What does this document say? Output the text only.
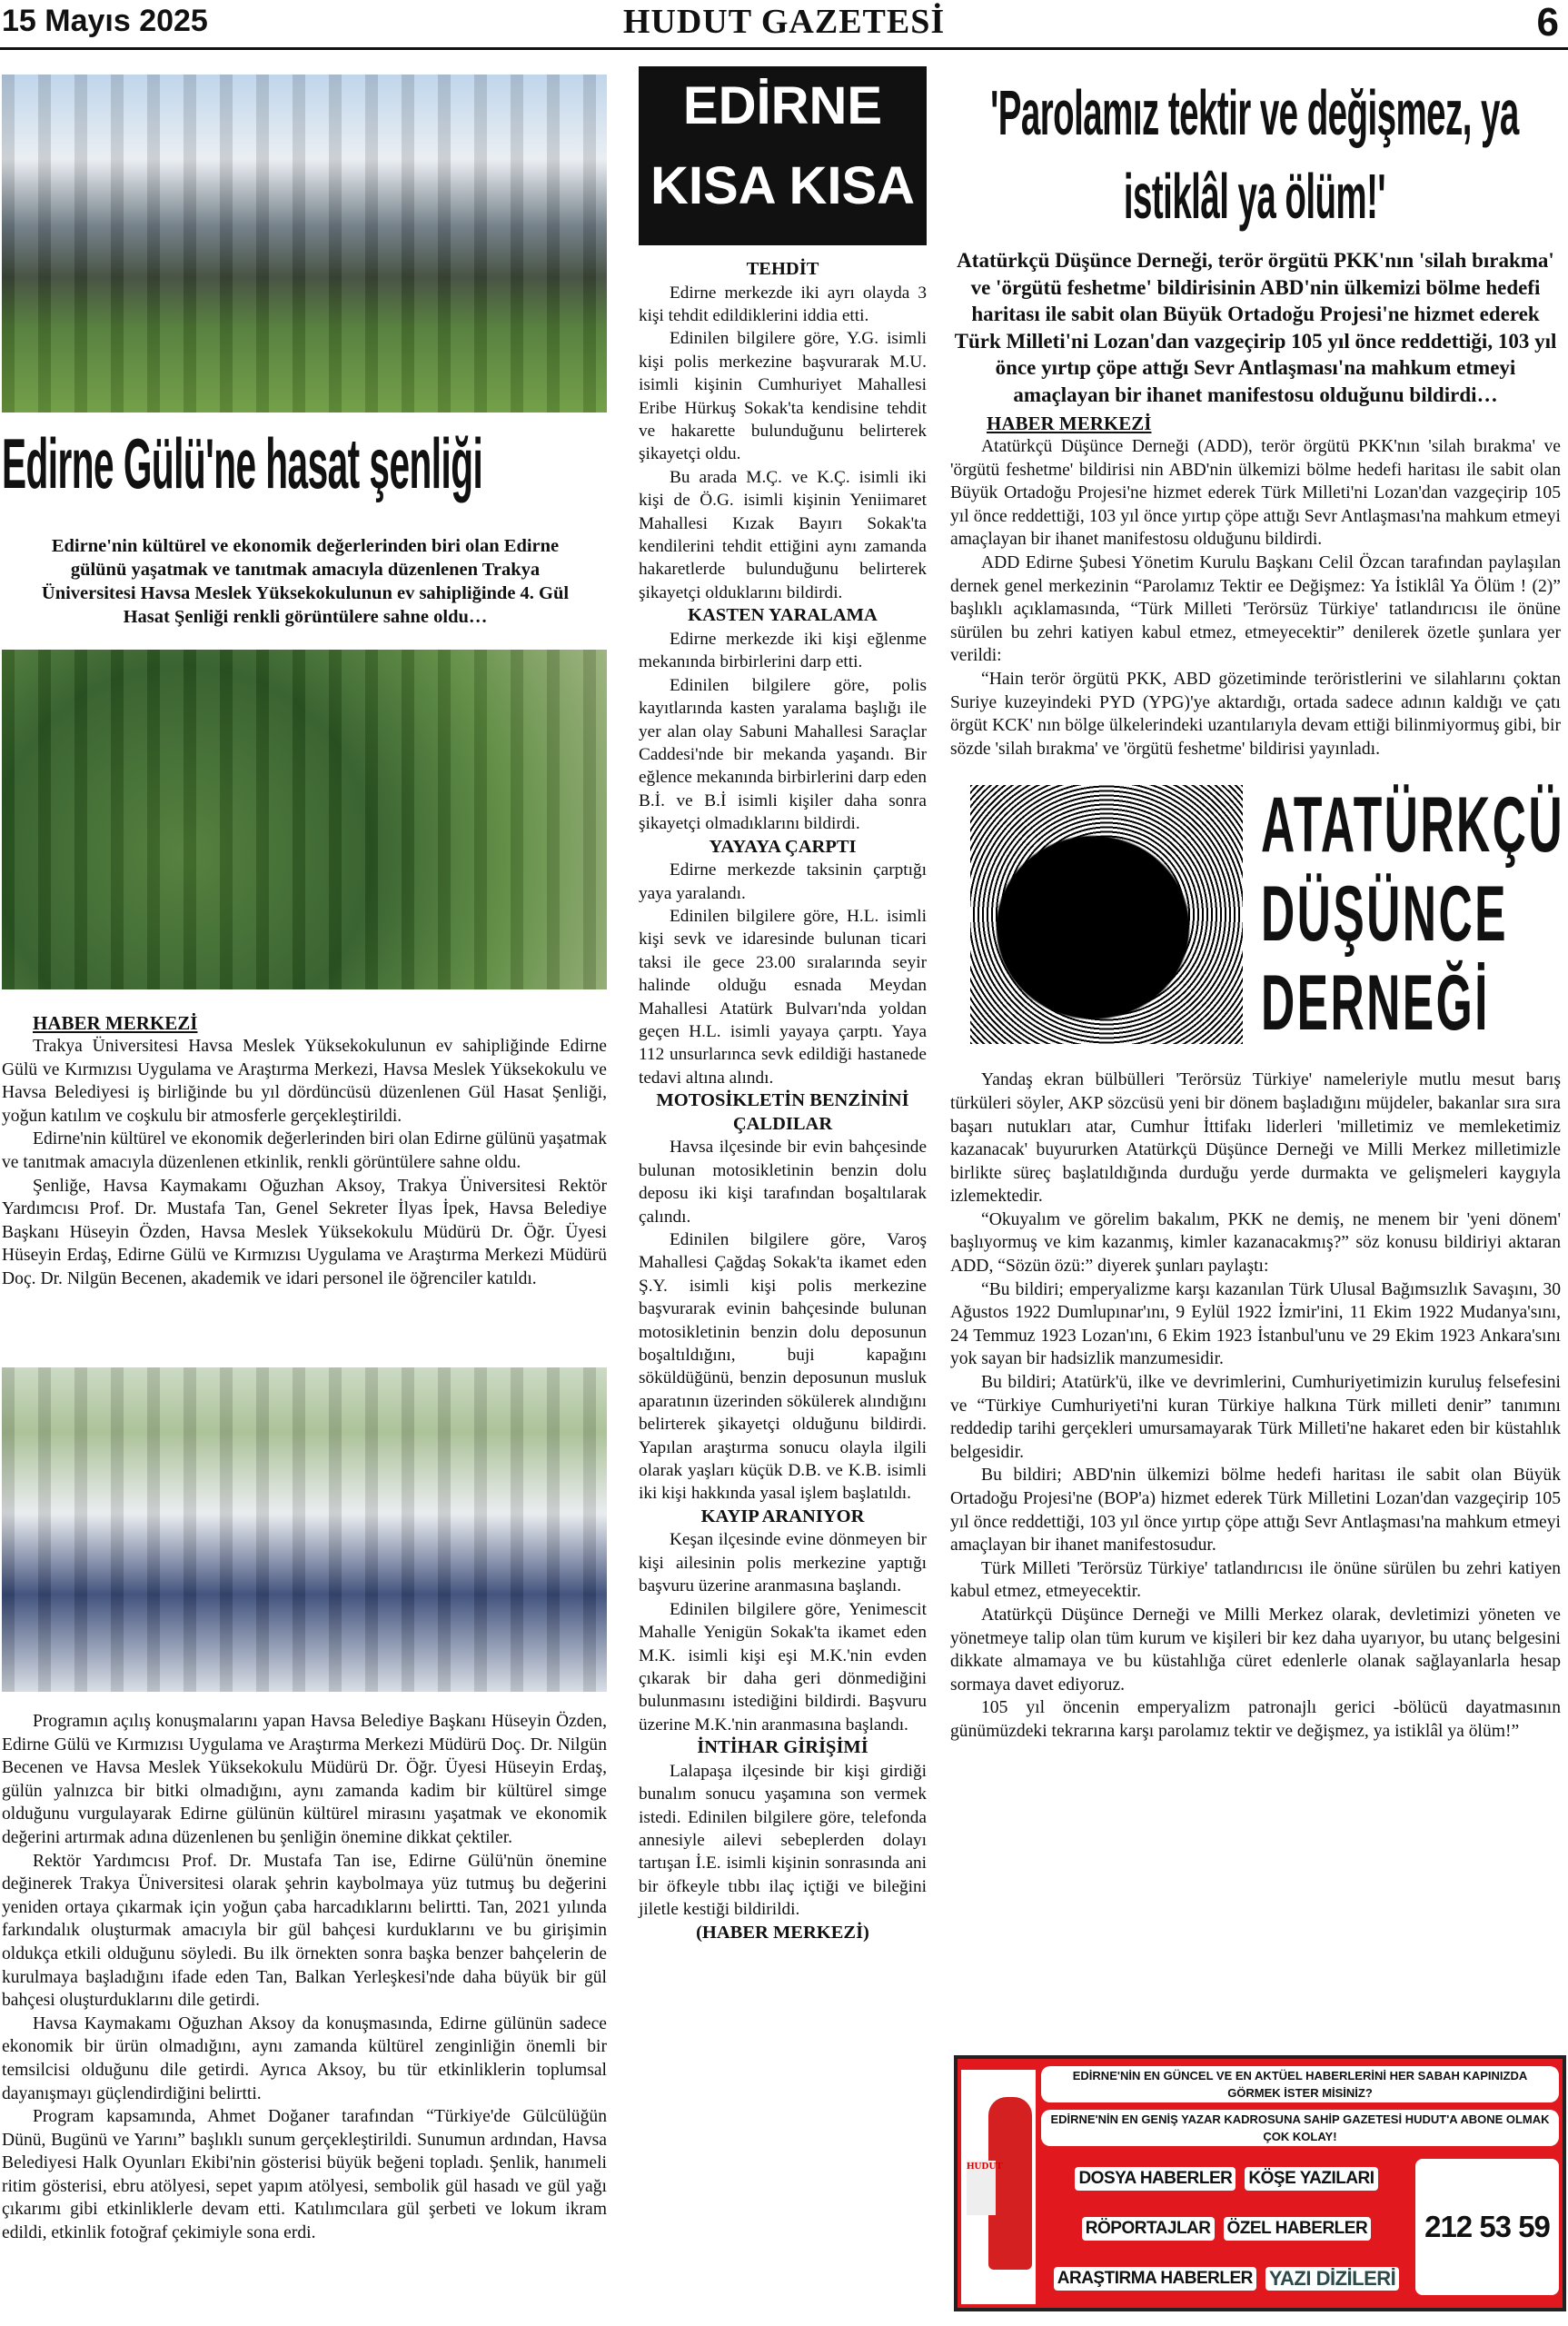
15 Mayıs 2025	HUDUT GAZETESİ	6
Edirne Gülü'ne hasat şenliği
Edirne'nin kültürel ve ekonomik değerlerinden biri olan Edirne gülünü yaşatmak ve tanıtmak amacıyla düzenlenen Trakya Üniversitesi Havsa Meslek Yüksekokulunun ev sahipliğinde 4. Gül Hasat Şenliği renkli görüntülere sahne oldu…
HABER MERKEZİ

Trakya Üniversitesi Havsa Meslek Yüksekokulunun ev sahipliğinde Edirne Gülü ve Kırmızısı Uygulama ve Araştırma Merkezi, Havsa Meslek Yüksekokulu ve Havsa Belediyesi iş birliğinde bu yıl dördüncüsü düzenlenen Gül Hasat Şenliği, yoğun katılım ve coşkulu bir atmosferle gerçekleştirildi.

Edirne'nin kültürel ve ekonomik değerlerinden biri olan Edirne gülünü yaşatmak ve tanıtmak amacıyla düzenlenen etkinlik, renkli görüntülere sahne oldu.

Şenliğe, Havsa Kaymakamı Oğuzhan Aksoy, Trakya Üniversitesi Rektör Yardımcısı Prof. Dr. Mustafa Tan, Genel Sekreter İlyas İpek, Havsa Belediye Başkanı Hüseyin Özden, Havsa Meslek Yüksekokulu Müdürü Dr. Öğr. Üyesi Hüseyin Erdaş, Edirne Gülü ve Kırmızısı Uygulama ve Araştırma Merkezi Müdürü Doç. Dr. Nilgün Becenen, akademik ve idari personel ile öğrenciler katıldı.

Programın açılış konuşmalarını yapan Havsa Belediye Başkanı Hüseyin Özden, Edirne Gülü ve Kırmızısı Uygulama ve Araştırma Merkezi Müdürü Doç. Dr. Nilgün Becenen ve Havsa Meslek Yüksekokulu Müdürü Dr. Öğr. Üyesi Hüseyin Erdaş, gülün yalnızca bir bitki olmadığını, aynı zamanda kadim bir kültürel simge olduğunu vurgulayarak Edirne gülünün kültürel mirasını yaşatmak ve ekonomik değerini artırmak adına düzenlenen bu şenliğin önemine dikkat çektiler.

Rektör Yardımcısı Prof. Dr. Mustafa Tan ise, Edirne Gülü'nün önemine değinerek Trakya Üniversitesi olarak şehrin kaybolmaya yüz tutmuş bu değerini yeniden ortaya çıkarmak için yoğun çaba harcadıklarını belirtti. Tan, 2021 yılında farkındalık oluşturmak amacıyla bir gül bahçesi kurduklarını ve bu girişimin oldukça etkili olduğunu söyledi. Bu ilk örnekten sonra başka benzer bahçelerin de kurulmaya başladığını ifade eden Tan, Balkan Yerleşkesi'nde daha büyük bir gül bahçesi oluşturduklarını dile getirdi.

Havsa Kaymakamı Oğuzhan Aksoy da konuşmasında, Edirne gülünün sadece ekonomik bir ürün olmadığını, aynı zamanda kültürel zenginliğin önemli bir temsilcisi olduğunu dile getirdi. Ayrıca Aksoy, bu tür etkinliklerin toplumsal dayanışmayı güçlendirdiğini belirtti.

Program kapsamında, Ahmet Doğaner tarafından “Türkiye'de Gülcülüğün Dünü, Bugünü ve Yarını” başlıklı sunum gerçekleştirildi. Sunumun ardından, Havsa Belediyesi Halk Oyunları Ekibi'nin gösterisi büyük beğeni topladı. Şenlik, hanımeli ritim gösterisi, ebru atölyesi, sepet yapım atölyesi, sembolik gül hasadı ve gül yağı çıkarımı gibi etkinliklerle devam etti. Katılımcılara gül şerbeti ve lokum ikram edildi, etkinlik fotoğraf çekimiyle sona erdi.

EDİRNE
KISA KISA
TEHDİT

Edirne merkezde iki ayrı olayda 3 kişi tehdit edildiklerini iddia etti.

Edinilen bilgilere göre, Y.G. isimli kişi polis merkezine başvurarak M.U. isimli kişinin Cumhuriyet Mahallesi Eribe Hürkuş Sokak'ta kendisine tehdit ve hakarette bulunduğunu belirterek şikayetçi oldu.

Bu arada M.Ç. ve K.Ç. isimli iki kişi de Ö.G. isimli kişinin Yeniimaret Mahallesi Kızak Bayırı Sokak'ta kendilerini tehdit ettiğini aynı zamanda hakaretlerde bulunduğunu belirterek şikayetçi olduklarını bildirdi.

KASTEN YARALAMA

Edirne merkezde iki kişi eğlenme mekanında birbirlerini darp etti.

Edinilen bilgilere göre, polis kayıtlarında kasten yaralama başlığı ile yer alan olay Sabuni Mahallesi Saraçlar Caddesi'nde bir mekanda yaşandı. Bir eğlence mekanında birbirlerini darp eden B.İ. ve B.İ isimli kişiler daha sonra şikayetçi olmadıklarını bildirdi.

YAYAYA ÇARPTI

Edirne merkezde taksinin çarptığı yaya yaralandı.

Edinilen bilgilere göre, H.L. isimli kişi sevk ve idaresinde bulunan ticari taksi ile gece 23.00 sıralarında seyir halinde olduğu esnada Meydan Mahallesi Atatürk Bulvarı'nda yoldan geçen H.L. isimli yayaya çarptı. Yaya 112 unsurlarınca sevk edildiği hastanede tedavi altına alındı.

MOTOSİKLETİN BENZİNİNİ ÇALDILAR

Havsa ilçesinde bir evin bahçesinde bulunan motosikletinin benzin dolu deposu iki kişi tarafından boşaltılarak çalındı.

Edinilen bilgilere göre, Varoş Mahallesi Çağdaş Sokak'ta ikamet eden Ş.Y. isimli kişi polis merkezine başvurarak evinin bahçesinde bulunan motosikletinin benzin dolu deposunun boşaltıldığını, buji kapağını söküldüğünü, benzin deposunun musluk aparatının üzerinden sökülerek alındığını belirterek şikayetçi olduğunu bildirdi. Yapılan araştırma sonucu olayla ilgili olarak yaşları küçük D.B. ve K.B. isimli iki kişi hakkında yasal işlem başlatıldı.

KAYIP ARANIYOR

Keşan ilçesinde evine dönmeyen bir kişi ailesinin polis merkezine yaptığı başvuru üzerine aranmasına başlandı.

Edinilen bilgilere göre, Yenimescit Mahalle Yenigün Sokak'ta ikamet eden M.K. isimli kişi eşi M.K.'nin evden çıkarak bir daha geri dönmediğini bulunmasını istediğini bildirdi. Başvuru üzerine M.K.'nin aranmasına başlandı.

İNTİHAR GİRİŞİMİ

Lalapaşa ilçesinde bir kişi girdiği bunalım sonucu yaşamına son vermek istedi. Edinilen bilgilere göre, telefonda annesiyle ailevi sebeplerden dolayı tartışan İ.E. isimli kişinin sonrasında ani bir öfkeyle tıbbı ilaç içtiği ve bileğini jiletle kestiği bildirildi.

(HABER MERKEZİ)
'Parolamız tektir ve değişmez, ya istiklâl ya ölüm!'
Atatürkçü Düşünce Derneği, terör örgütü PKK'nın 'silah bırakma' ve 'örgütü feshetme' bildirisinin ABD'nin ülkemizi bölme hedefi haritası ile sabit olan Büyük Ortadoğu Projesi'ne hizmet ederek Türk Milleti'ni Lozan'dan vazgeçirip 105 yıl önce reddettiği, 103 yıl önce yırtıp çöpe attığı Sevr Antlaşması'na mahkum etmeyi amaçlayan bir ihanet manifestosu olduğunu bildirdi…
HABER MERKEZİ

Atatürkçü Düşünce Derneği (ADD), terör örgütü PKK'nın 'silah bırakma' ve 'örgütü feshetme' bildirisi nin ABD'nin ülkemizi bölme hedefi haritası ile sabit olan Büyük Ortadoğu Projesi'ne hizmet ederek Türk Milleti'ni Lozan'dan vazgeçirip 105 yıl önce reddettiği, 103 yıl önce yırtıp çöpe attığı Sevr Antlaşması'na mahkum etmeyi amaçlayan bir ihanet manifestosu olduğunu bildirdi.

ADD Edirne Şubesi Yönetim Kurulu Başkanı Celil Özcan tarafından paylaşılan dernek genel merkezinin “Parolamız Tektir ee Değişmez: Ya İstiklâl Ya Ölüm ! (2)” başlıklı açıklamasında, “Türk Milleti 'Terörsüz Türkiye' tatlandırıcısı ile önüne sürülen bu zehri katiyen kabul etmez, etmeyecektir” denilerek özetle şunlara yer verildi:

“Hain terör örgütü PKK, ABD gözetiminde teröristlerini ve silahlarını çoktan Suriye kuzeyindeki PYD (YPG)'ye aktardığı, ortada sadece adının kaldığı ve çatı örgüt KCK' nın bölge ülkelerindeki uzantılarıyla devam ettiği bilinmiyormuş gibi, bir sözde 'silah bırakma' ve 'örgütü feshetme' bildirisi yayınladı.

ATATÜRKÇÜ
DÜŞÜNCE
DERNEĞİ

Yandaş ekran bülbülleri 'Terörsüz Türkiye' nameleriyle mutlu mesut barış türküleri söyler, AKP sözcüsü yeni bir dönem başladığını müjdeler, bakanlar sıra sıra başarı nutukları atar, Cumhur İttifakı liderleri 'milletimiz ve memleketimiz kazanacak' buyururken Atatürkçü Düşünce Derneği ve Milli Merkez milletimizle birlikte süreç başlatıldığında durduğu yerde durmakta ve gelişmeleri kaygıyla izlemektedir.

“Okuyalım ve görelim bakalım, PKK ne demiş, ne menem bir 'yeni dönem' başlıyormuş ve kim kazanmış, kimler kazanacakmış?” söz konusu bildiriyi aktaran ADD, “Sözün özü:” diyerek şunları paylaştı:

“Bu bildiri; emperyalizme karşı kazanılan Türk Ulusal Bağımsızlık Savaşını, 30 Ağustos 1922 Dumlupınar'ını, 9 Eylül 1922 İzmir'ini, 11 Ekim 1922 Mudanya'sını, 24 Temmuz 1923 Lozan'ını, 6 Ekim 1923 İstanbul'unu ve 29 Ekim 1923 Ankara'sını yok sayan bir hadsizlik manzumesidir.

Bu bildiri; Atatürk'ü, ilke ve devrimlerini, Cumhuriyetimizin kuruluş felsefesini ve “Türkiye Cumhuriyeti'ni kuran Türkiye halkına Türk milleti denir” tanımını reddedip tarihi gerçekleri umursamayarak Türk Milleti'ne hakaret eden bir küstahlık belgesidir.

Bu bildiri; ABD'nin ülkemizi bölme hedefi haritası ile sabit olan Büyük Ortadoğu Projesi'ne (BOP'a) hizmet ederek Türk Milletini Lozan'dan vazgeçirip 105 yıl önce reddettiği, 103 yıl önce yırtıp çöpe attığı Sevr Antlaşması'na mahkum etmeyi amaçlayan bir ihanet manifestosudur.

Türk Milleti 'Terörsüz Türkiye' tatlandırıcısı ile önüne sürülen bu zehri katiyen kabul etmez, etmeyecektir.

Atatürkçü Düşünce Derneği ve Milli Merkez olarak, devletimizi yöneten ve yönetmeye talip olan tüm kurum ve kişileri bir kez daha uyarıyor, bu utanç belgesini dikkate almamaya ve bu küstahlığa cüret edenlerle olanak sağlayanlarla hesap sormaya davet ediyoruz.

105 yıl öncenin emperyalizm patronajlı gerici -bölücü dayatmasının günümüzdeki tekrarına karşı parolamız tektir ve değişmez, ya istiklâl ya ölüm!”

HUDUT
EDİRNE'NİN EN GÜNCEL VE EN AKTÜEL HABERLERİNİ HER SABAH KAPINIZDA GÖRMEK İSTER MİSİNİZ?
EDİRNE'NİN EN GENİŞ YAZAR KADROSUNA SAHİP GAZETESİ HUDUT'A ABONE OLMAK ÇOK KOLAY!
DOSYA HABERLER KÖŞE YAZILARI
RÖPORTAJLAR ÖZEL HABERLER
ARAŞTIRMA HABERLER YAZI DİZİLERİ
212 53 59
